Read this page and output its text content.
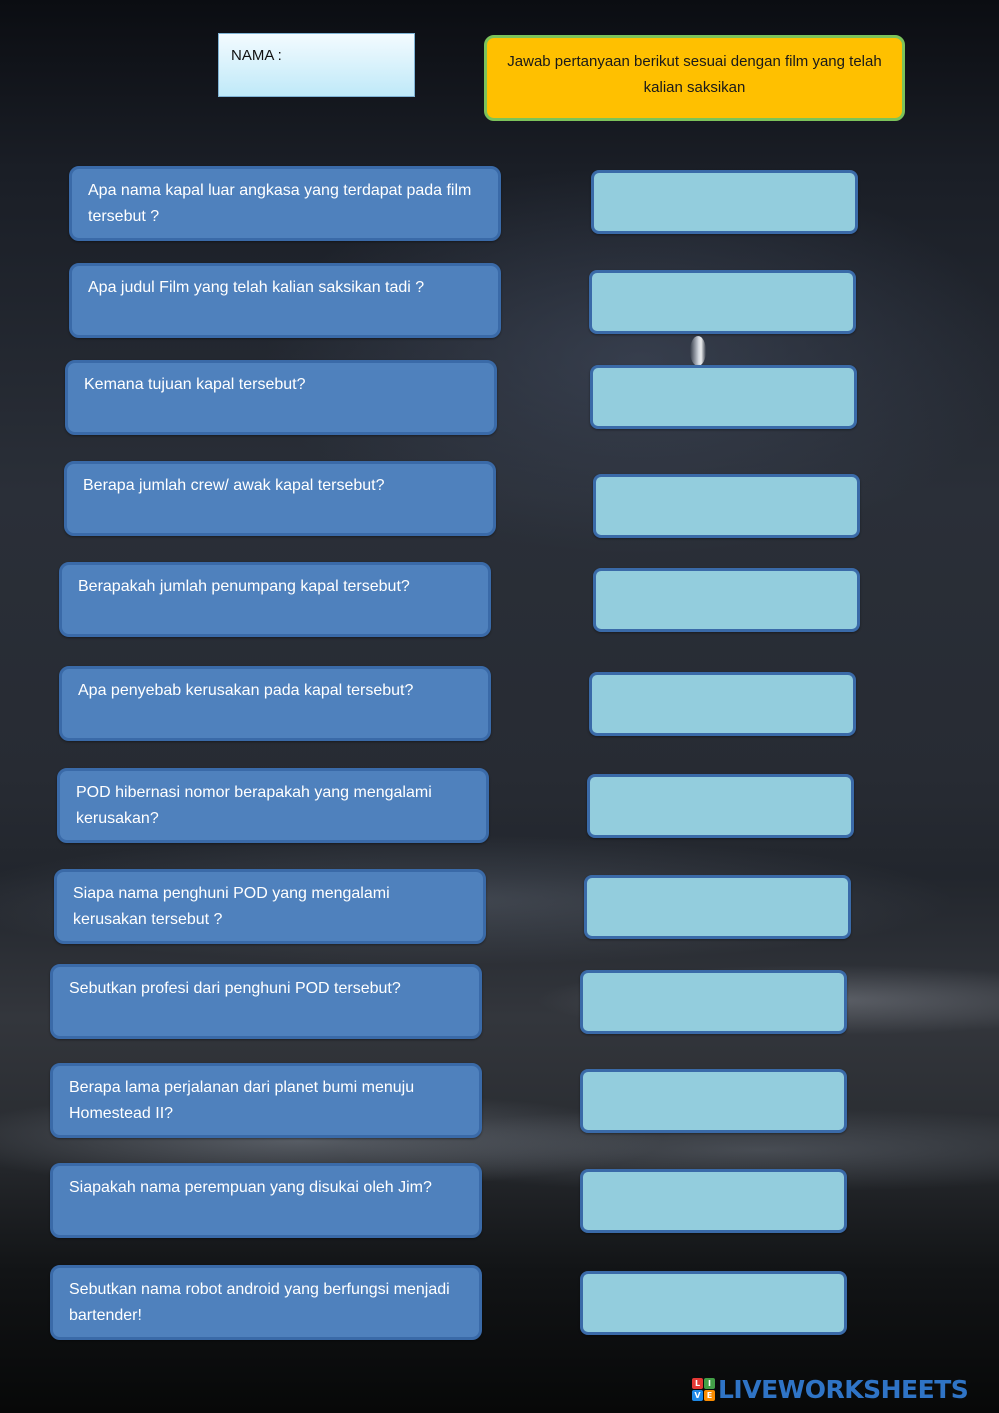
NAMA :	Jawab pertanyaan berikut sesuai dengan film yang telah kalian saksikan
Apa nama kapal luar angkasa yang terdapat pada film tersebut ?
Apa judul Film yang telah kalian saksikan tadi ?
Kemana tujuan kapal tersebut?
Berapa jumlah crew/ awak kapal tersebut?
Berapakah jumlah penumpang kapal tersebut?
Apa penyebab kerusakan pada kapal tersebut?
POD hibernasi nomor berapakah yang mengalami kerusakan?
Siapa nama penghuni POD yang mengalami kerusakan tersebut ?
Sebutkan profesi dari penghuni POD tersebut?
Berapa lama perjalanan dari planet bumi menuju Homestead II?
Siapakah nama perempuan yang disukai oleh Jim?
Sebutkan nama robot android yang berfungsi menjadi bartender!
L I
V E LIVEWORKSHEETS
